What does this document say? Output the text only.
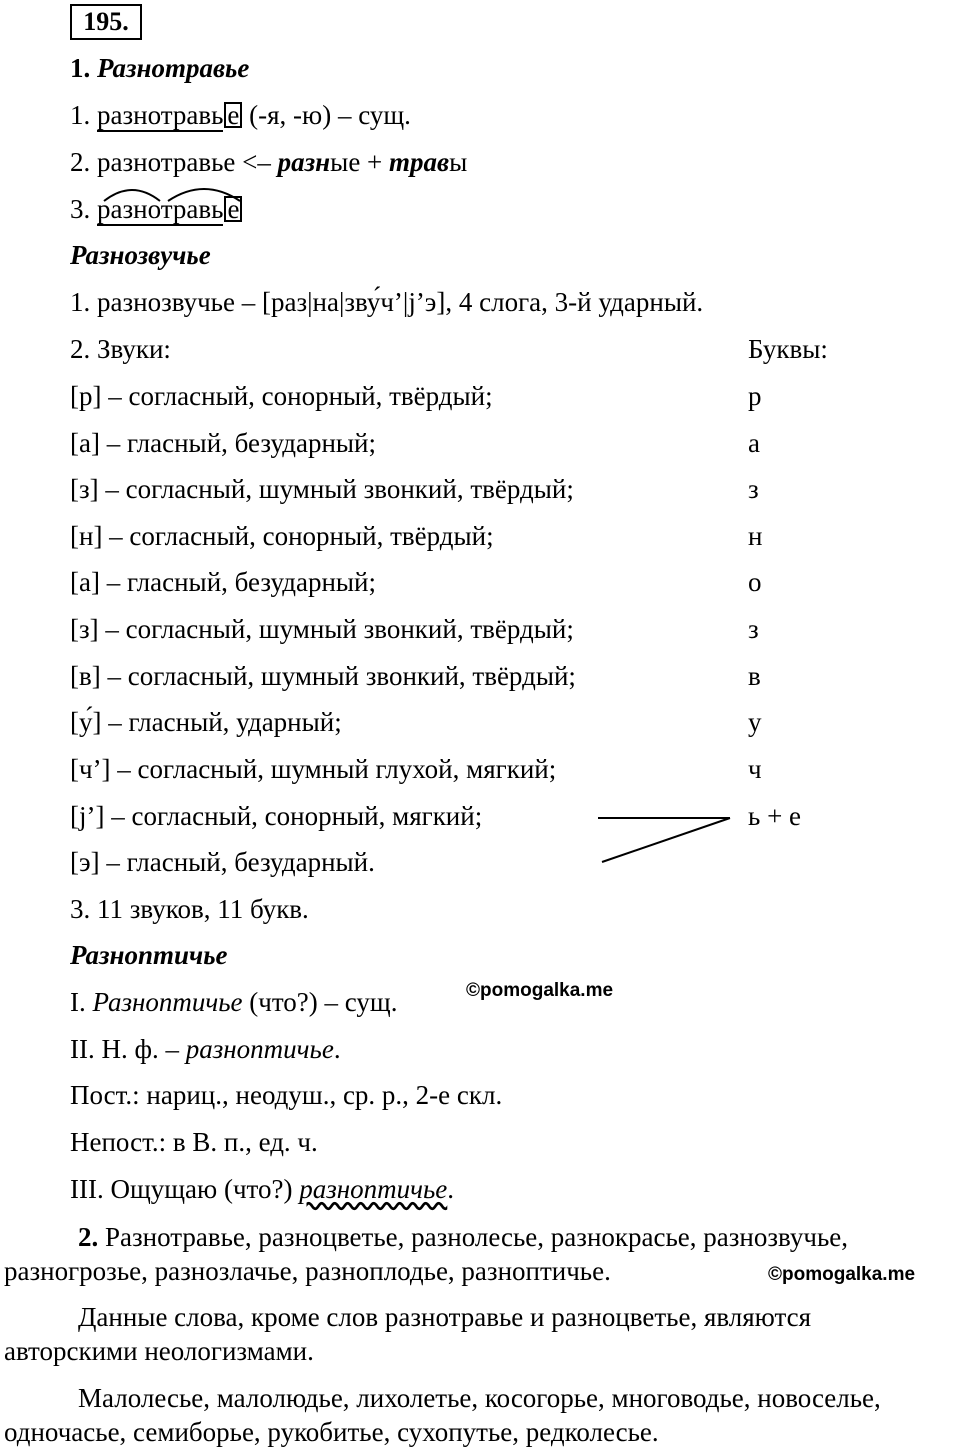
195.
1. Разнотравье
1. разнотравь е (-я, -ю) – сущ.
2. разнотравье <– разные + травы
3. разнотравь е
Разнозвучье
1. разнозвучье – [раз|на|зву́ч’|j’э], 4 слога, 3-й ударный.
2. Звуки:	Буквы:
[р] – согласный, сонорный, твёрдый;	р
[а] – гласный, безударный;	а
[з] – согласный, шумный звонкий, твёрдый;	з
[н] – согласный, сонорный, твёрдый;	н
[а] – гласный, безударный;	о
[з] – согласный, шумный звонкий, твёрдый;	з
[в] – согласный, шумный звонкий, твёрдый;	в
[у́] – гласный, ударный;	у
[ч’] – согласный, шумный глухой, мягкий;	ч
[j’] – согласный, сонорный, мягкий;	ь + е
[э] – гласный, безударный.
3. 11 звуков, 11 букв.
Разноптичье
I. Разноптичье (что?) – сущ.	©pomogalka.me
II. Н. ф. – разноптичье.
Пост.: нариц., неодуш., ср. р., 2-е скл.
Непост.: в В. п., ед. ч.
III. Ощущаю (что?) разноптичье.
2. Разнотравье, разноцветье, разнолесье, разнокрасье, разнозвучье,
разногрозье, разнозлачье, разноплодье, разноптичье.	©pomogalka.me
Данные слова, кроме слов разнотравье и разноцветье, являются
авторскими неологизмами.
Малолесье, малолюдье, лихолетье, косогорье, многоводье, новоселье,
одночасье, семиборье, рукобитье, сухопутье, редколесье.
